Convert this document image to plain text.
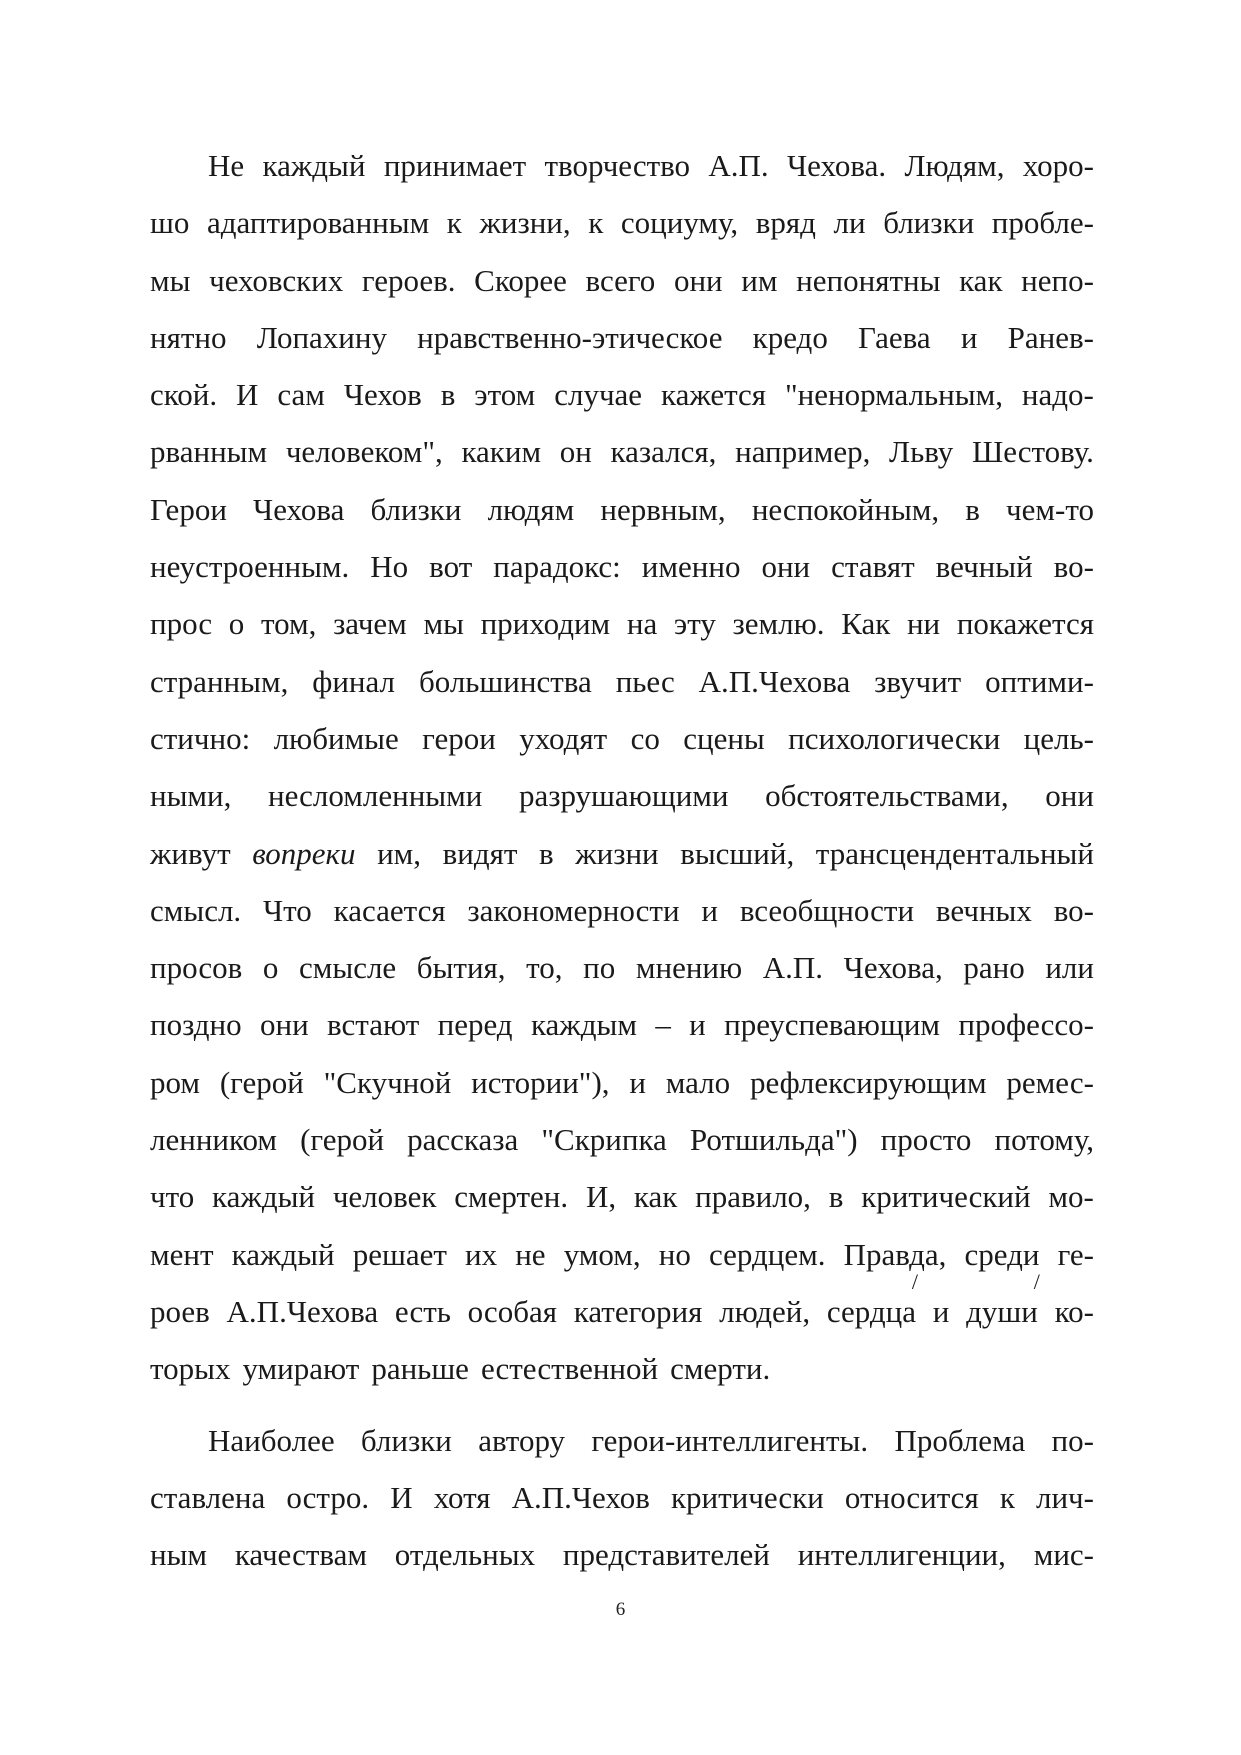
Не каждый принимает творчество А.П. Чехова. Людям, хоро-
шо адаптированным к жизни, к социуму, вряд ли близки пробле-
мы чеховских героев. Скорее всего они им непонятны как непо-
нятно Лопахину нравственно-этическое кредо Гаева и Ранев-
ской. И сам Чехов в этом случае кажется "ненормальным, надо-
рванным человеком", каким он казался, например, Льву Шестову.
Герои Чехова близки людям нервным, неспокойным, в чем-то
неустроенным. Но вот парадокс: именно они ставят вечный во-
прос о том, зачем мы приходим на эту землю. Как ни покажется
странным, финал большинства пьес А.П.Чехова звучит оптими-
стично: любимые герои уходят со сцены психологически цель-
ными, несломленными разрушающими обстоятельствами, они
живут вопреки им, видят в жизни высший, трансцендентальный
смысл. Что касается закономерности и всеобщности вечных во-
просов о смысле бытия, то, по мнению А.П. Чехова, рано или
поздно они встают перед каждым – и преуспевающим профессо-
ром (герой "Скучной истории"), и мало рефлексирующим ремес-
ленником (герой рассказа "Скрипка Ротшильда") просто потому,
что каждый человек смертен. И, как правило, в критический мо-
мент каждый решает их не умом, но сердцем. Правда, среди ге-
роев А.П.Чехова есть особая категория людей, сердца
/
и души
/
ко-
торых умирают раньше естественной смерти.
Наиболее близки автору герои-интеллигенты. Проблема по-
ставлена остро. И хотя А.П.Чехов критически относится к лич-
ным качествам отдельных представителей интеллигенции, мис-
6
